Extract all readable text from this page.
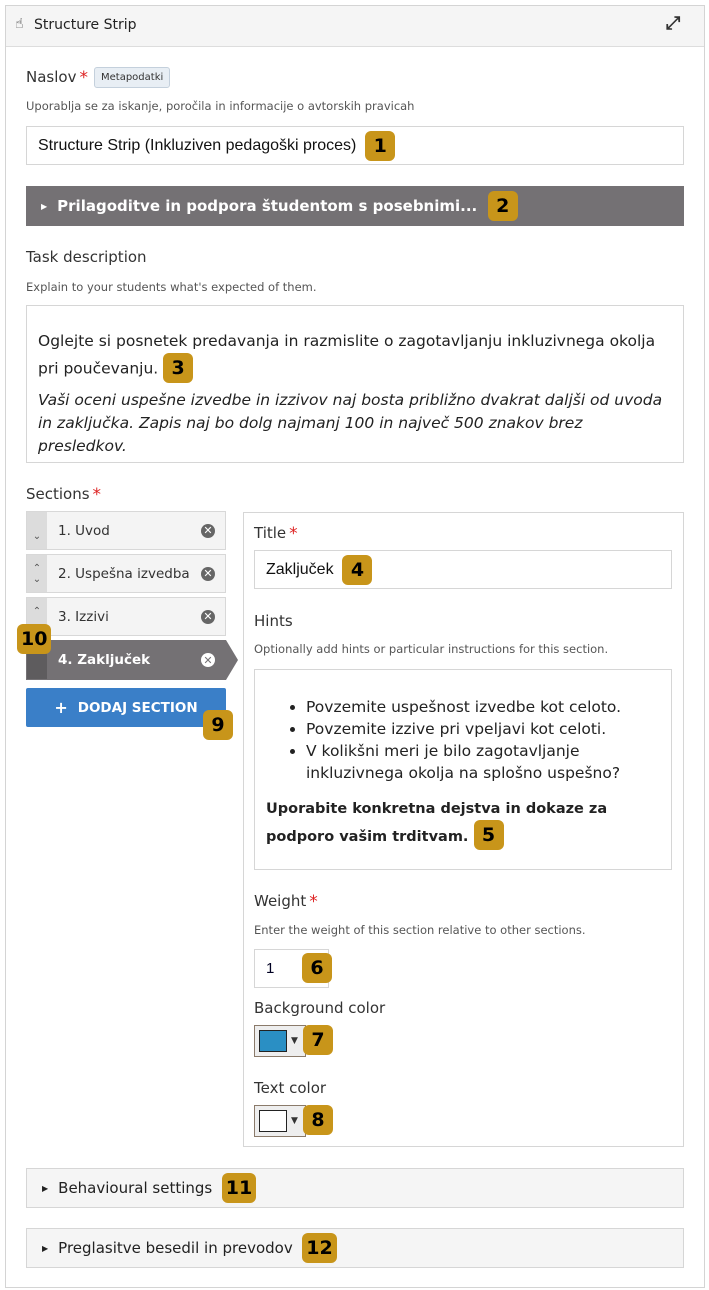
☝ Structure Strip	⤢
Naslov *	Metapodatki
Uporablja se za iskanje, poročila in informacije o avtorskih pravicah
Structure Strip (Inkluziven pedagoški proces)
1
▶ Prilagoditve in podpora študentom s posebnimi...
2
Task description
Explain to your students what's expected of them.
Oglejte si posnetek predavanja in razmislite o zagotavljanju inkluzivnega okolja pri poučevanju. 3
Vaši oceni uspešne izvedbe in izzivov naj bosta približno dvakrat daljši od uvoda in zaključka. Zapis naj bo dolg najmanj 100 in največ 500 znakov brez presledkov.
Sections *

⌄	1. Uvod	✕
⌃
⌄	2. Uspešna izvedba ✕
⌃	3. Izzivi	✕
4. Zaključek	✕
10
+ DODAJ SECTION
9
Title *
Zaključek
4
Hints
Optionally add hints or particular instructions for this section.
• Povzemite uspešnost izvedbe kot celoto.
• Povzemite izzive pri vpeljavi kot celoti.
• V kolikšni meri je bilo zagotavljanje inkluzivnega okolja na splošno uspešno?
Uporabite konkretna dejstva in dokaze za podporo vašim trditvam. 5
Weight *
Enter the weight of this section relative to other sections.
1	6
Background color
▼ 7
Text color
▼ 8
▶ Behavioural settings
11
▶ Preglasitve besedil in prevodov
12
